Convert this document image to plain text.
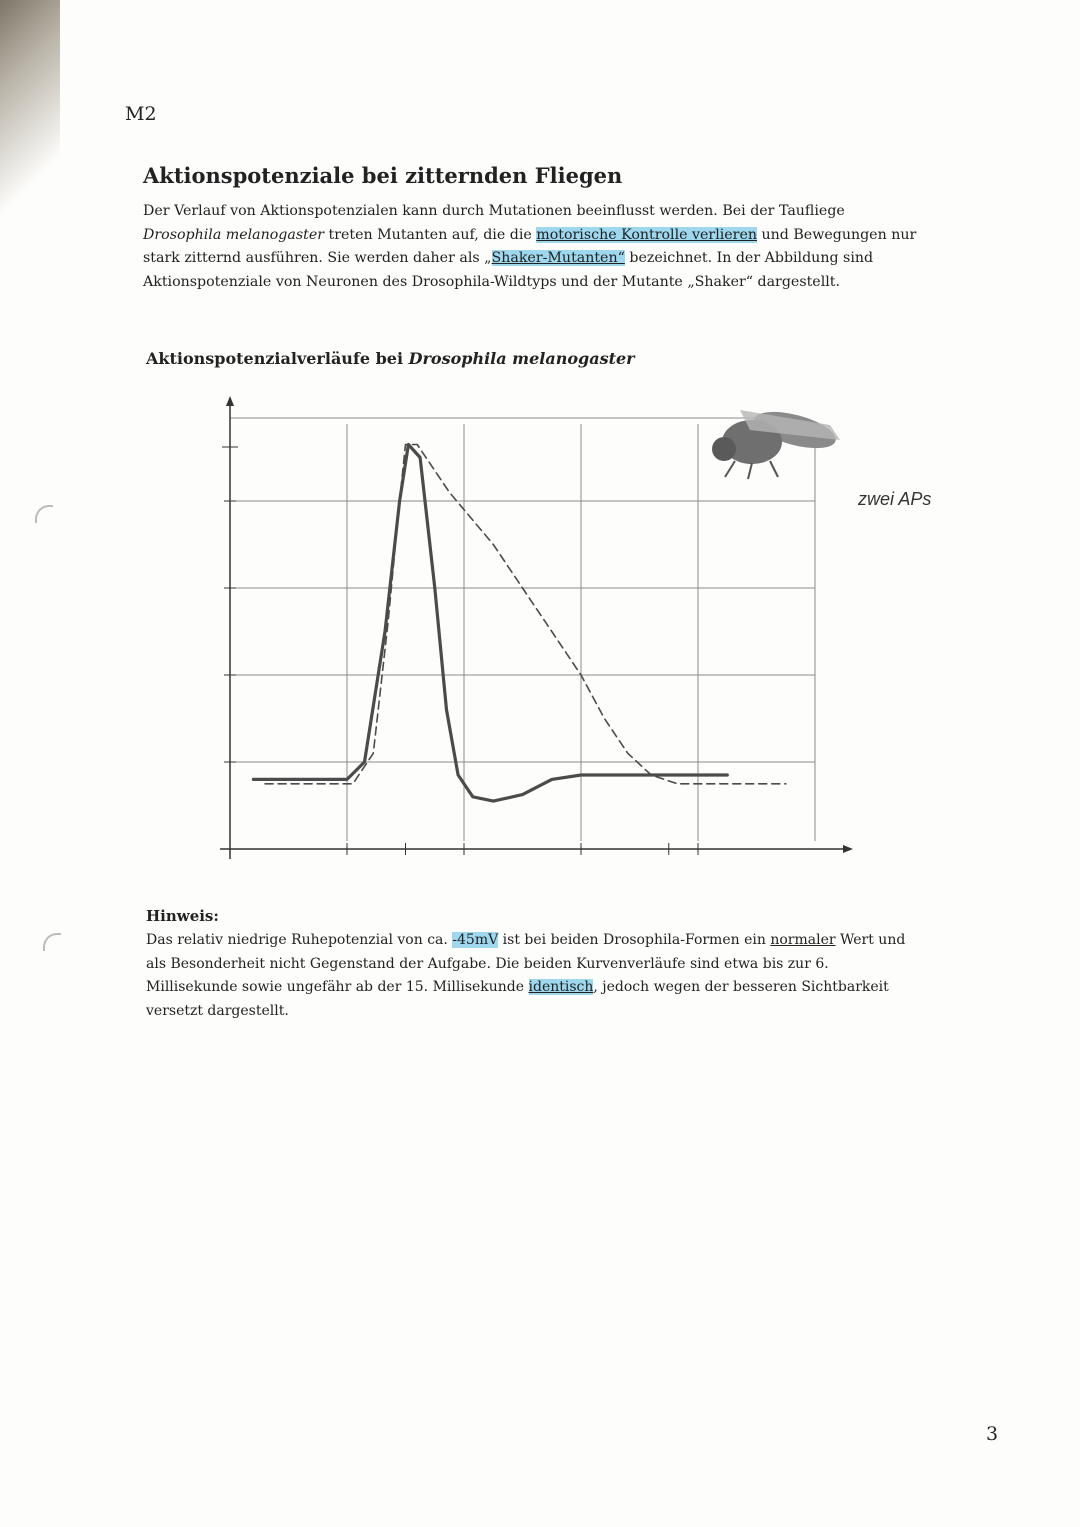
M2
Aktionspotenziale bei zitternden Fliegen
Der Verlauf von Aktionspotenzialen kann durch Mutationen beeinflusst werden. Bei der Taufliege Drosophila melanogaster treten Mutanten auf, die die motorische Kontrolle verlieren und Bewegungen nur stark zitternd ausführen. Sie werden daher als „Shaker-Mutanten“ bezeichnet. In der Abbildung sind Aktionspotenziale von Neuronen des Drosophila-Wildtyps und der Mutante „Shaker“ dargestellt.
Aktionspotenzialverläufe bei Drosophila melanogaster
zwei APs
Hinweis:
Das relativ niedrige Ruhepotenzial von ca. -45mV ist bei beiden Drosophila-Formen ein normaler Wert und als Besonderheit nicht Gegenstand der Aufgabe. Die beiden Kurvenverläufe sind etwa bis zur 6. Millisekunde sowie ungefähr ab der 15. Millisekunde identisch, jedoch wegen der besseren Sichtbarkeit versetzt dargestellt.
3
